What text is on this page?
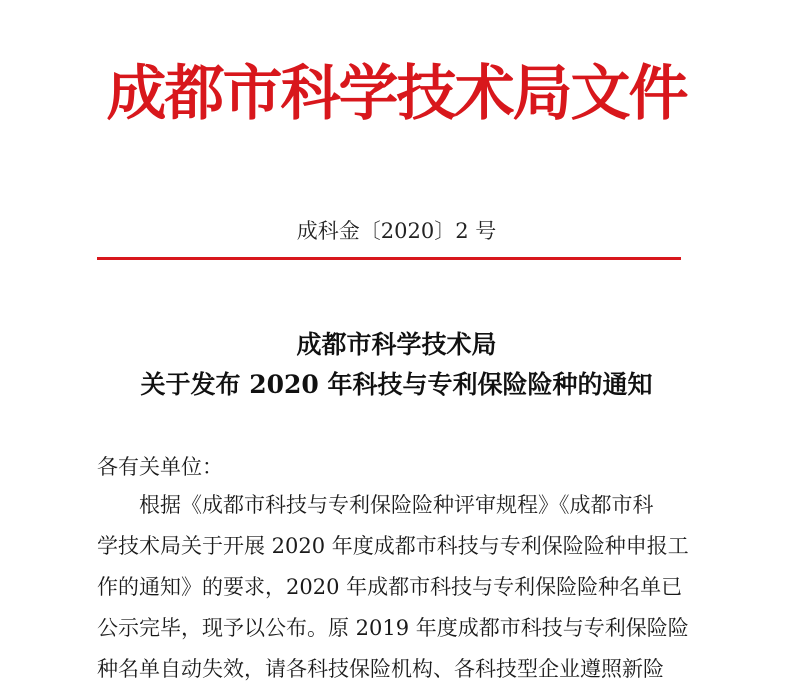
成都市科学技术局文件
成科金〔2020〕2 号
成都市科学技术局
关于发布 2020 年科技与专利保险险种的通知
各有关单位：
根据《成都市科技与专利保险险种评审规程》《成都市科
学技术局关于开展 2020 年度成都市科技与专利保险险种申报工
作的通知》的要求，2020 年成都市科技与专利保险险种名单已
公示完毕，现予以公布。原 2019 年度成都市科技与专利保险险
种名单自动失效，请各科技保险机构、各科技型企业遵照新险
